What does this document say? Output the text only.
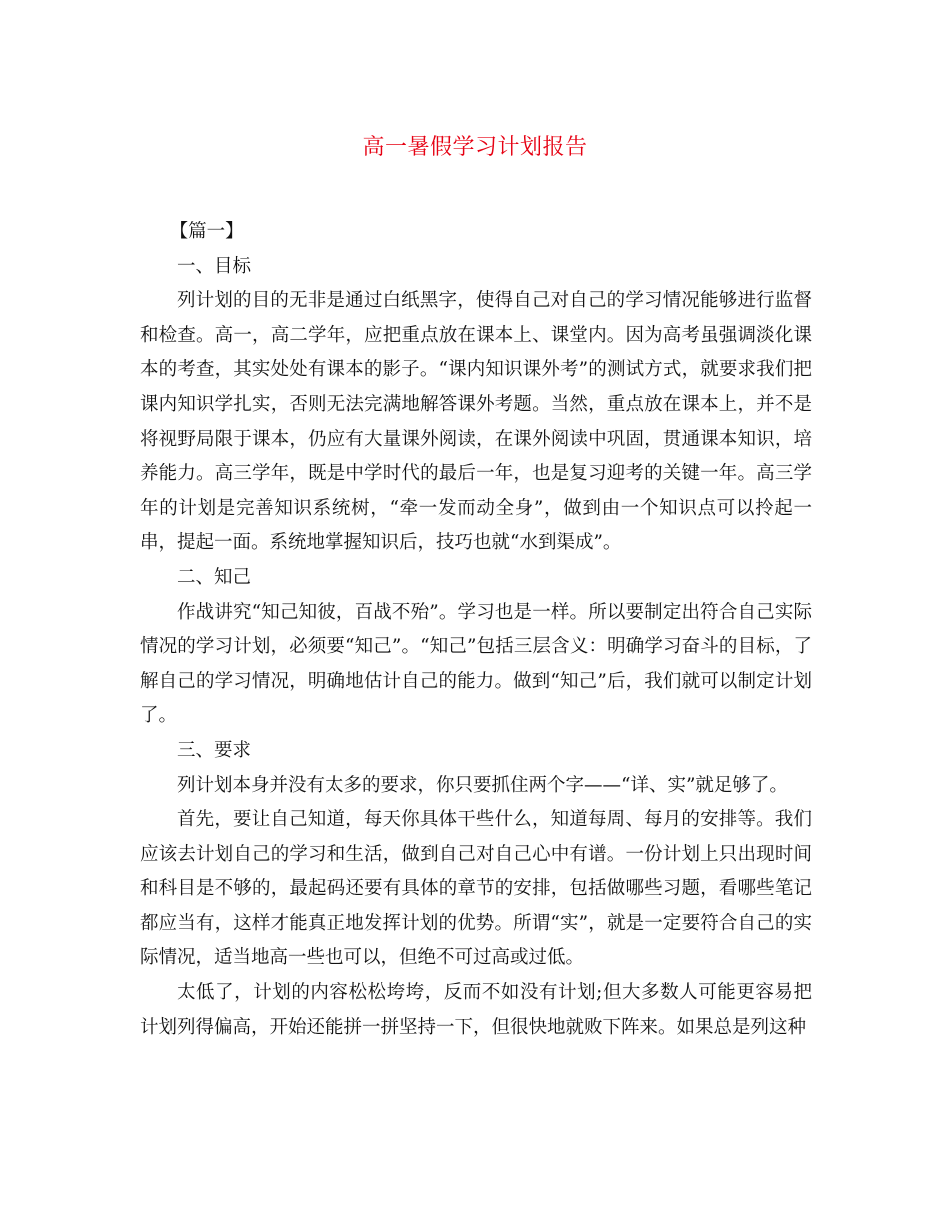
高一暑假学习计划报告

【篇一】

一、目标

列计划的目的无非是通过白纸黑字，使得自己对自己的学习情况能够进行监督和检查。高一，高二学年，应把重点放在课本上、课堂内。因为高考虽强调淡化课本的考查，其实处处有课本的影子。“课内知识课外考”的测试方式，就要求我们把课内知识学扎实，否则无法完满地解答课外考题。当然，重点放在课本上，并不是将视野局限于课本，仍应有大量课外阅读，在课外阅读中巩固，贯通课本知识，培养能力。高三学年，既是中学时代的最后一年，也是复习迎考的关键一年。高三学年的计划是完善知识系统树，“牵一发而动全身”，做到由一个知识点可以拎起一串，提起一面。系统地掌握知识后，技巧也就“水到渠成”。

二、知己

作战讲究“知己知彼，百战不殆”。学习也是一样。所以要制定出符合自己实际情况的学习计划，必须要“知己”。“知己”包括三层含义：明确学习奋斗的目标，了解自己的学习情况，明确地估计自己的能力。做到“知己”后，我们就可以制定计划了。

三、要求

列计划本身并没有太多的要求，你只要抓住两个字——“详、实”就足够了。

首先，要让自己知道，每天你具体干些什么，知道每周、每月的安排等。我们应该去计划自己的学习和生活，做到自己对自己心中有谱。一份计划上只出现时间和科目是不够的，最起码还要有具体的章节的安排，包括做哪些习题，看哪些笔记都应当有，这样才能真正地发挥计划的优势。所谓“实”，就是一定要符合自己的实际情况，适当地高一些也可以，但绝不可过高或过低。

太低了，计划的内容松松垮垮，反而不如没有计划;但大多数人可能更容易把计划列得偏高，开始还能拼一拼坚持一下，但很快地就败下阵来。如果总是列这种
